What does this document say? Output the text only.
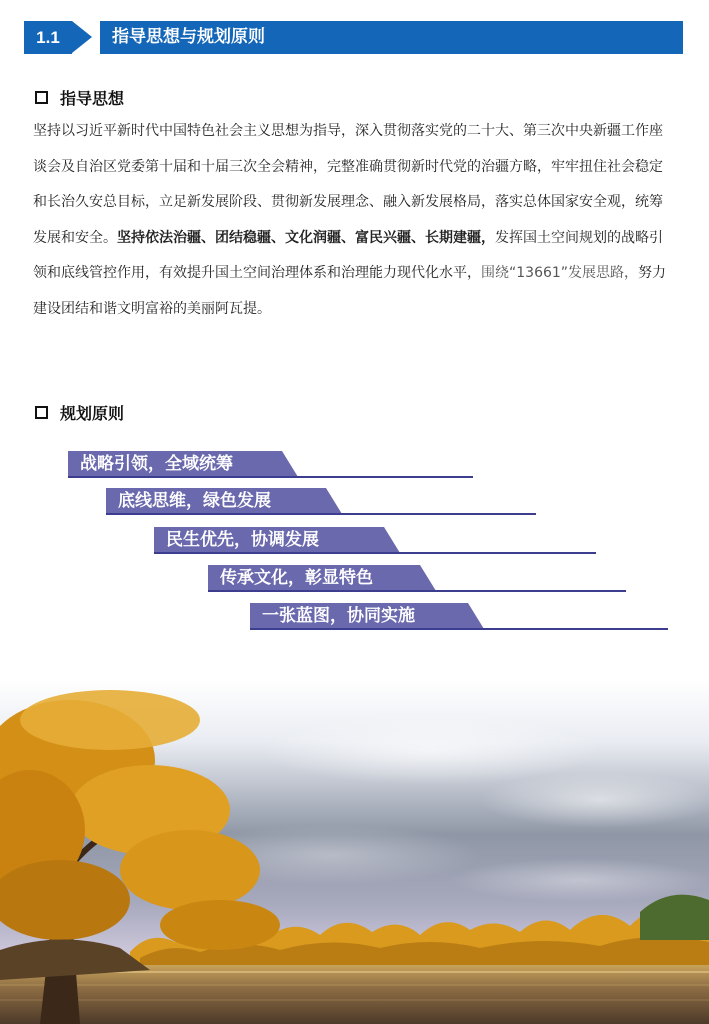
1.1	指导思想与规划原则
指导思想
坚持以习近平新时代中国特色社会主义思想为指导，深入贯彻落实党的二十大、第三次中央新疆工作座谈会及自治区党委第十届和十届三次全会精神，完整准确贯彻新时代党的治疆方略，牢牢扭住社会稳定和长治久安总目标，立足新发展阶段、贯彻新发展理念、融入新发展格局，落实总体国家安全观，统筹发展和安全。坚持依法治疆、团结稳疆、文化润疆、富民兴疆、长期建疆，发挥国土空间规划的战略引领和底线管控作用，有效提升国土空间治理体系和治理能力现代化水平，围绕“13661”发展思路，努力建设团结和谐文明富裕的美丽阿瓦提。
规划原则
战略引领，全域统筹
底线思维，绿色发展
民生优先，协调发展
传承文化，彰显特色
一张蓝图，协同实施
